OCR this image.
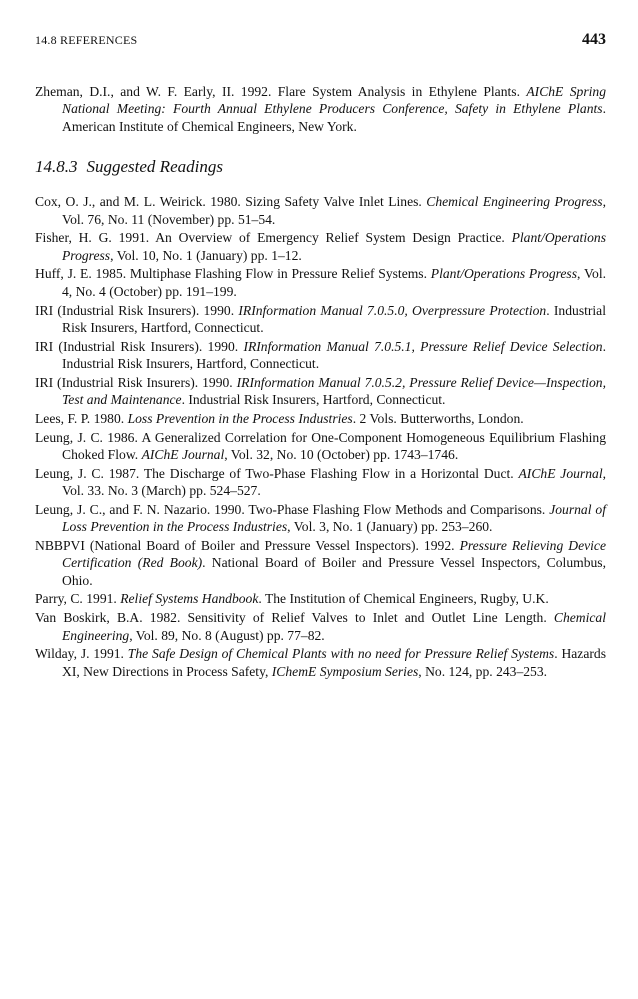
14.8 REFERENCES	443

Zheman, D.I., and W. F. Early, II. 1992. Flare System Analysis in Ethylene Plants. AIChE Spring National Meeting: Fourth Annual Ethylene Producers Conference, Safety in Ethylene Plants. American Institute of Chemical Engineers, New York.

14.8.3 Suggested Readings

Cox, O. J., and M. L. Weirick. 1980. Sizing Safety Valve Inlet Lines. Chemical Engineering Progress, Vol. 76, No. 11 (November) pp. 51–54.

Fisher, H. G. 1991. An Overview of Emergency Relief System Design Practice. Plant/Operations Progress, Vol. 10, No. 1 (January) pp. 1–12.

Huff, J. E. 1985. Multiphase Flashing Flow in Pressure Relief Systems. Plant/Operations Progress, Vol. 4, No. 4 (October) pp. 191–199.

IRI (Industrial Risk Insurers). 1990. IRInformation Manual 7.0.5.0, Overpressure Protection. Industrial Risk Insurers, Hartford, Connecticut.

IRI (Industrial Risk Insurers). 1990. IRInformation Manual 7.0.5.1, Pressure Relief Device Selection. Industrial Risk Insurers, Hartford, Connecticut.

IRI (Industrial Risk Insurers). 1990. IRInformation Manual 7.0.5.2, Pressure Relief Device—Inspection, Test and Maintenance. Industrial Risk Insurers, Hartford, Connecticut.

Lees, F. P. 1980. Loss Prevention in the Process Industries. 2 Vols. Butterworths, London.

Leung, J. C. 1986. A Generalized Correlation for One-Component Homogeneous Equilibrium Flashing Choked Flow. AIChE Journal, Vol. 32, No. 10 (October) pp. 1743–1746.

Leung, J. C. 1987. The Discharge of Two-Phase Flashing Flow in a Horizontal Duct. AIChE Journal, Vol. 33. No. 3 (March) pp. 524–527.

Leung, J. C., and F. N. Nazario. 1990. Two-Phase Flashing Flow Methods and Comparisons. Journal of Loss Prevention in the Process Industries, Vol. 3, No. 1 (January) pp. 253–260.

NBBPVI (National Board of Boiler and Pressure Vessel Inspectors). 1992. Pressure Relieving Device Certification (Red Book). National Board of Boiler and Pressure Vessel Inspectors, Columbus, Ohio.

Parry, C. 1991. Relief Systems Handbook. The Institution of Chemical Engineers, Rugby, U.K.

Van Boskirk, B.A. 1982. Sensitivity of Relief Valves to Inlet and Outlet Line Length. Chemical Engineering, Vol. 89, No. 8 (August) pp. 77–82.

Wilday, J. 1991. The Safe Design of Chemical Plants with no need for Pressure Relief Systems. Hazards XI, New Directions in Process Safety, IChemE Symposium Series, No. 124, pp. 243–253.
